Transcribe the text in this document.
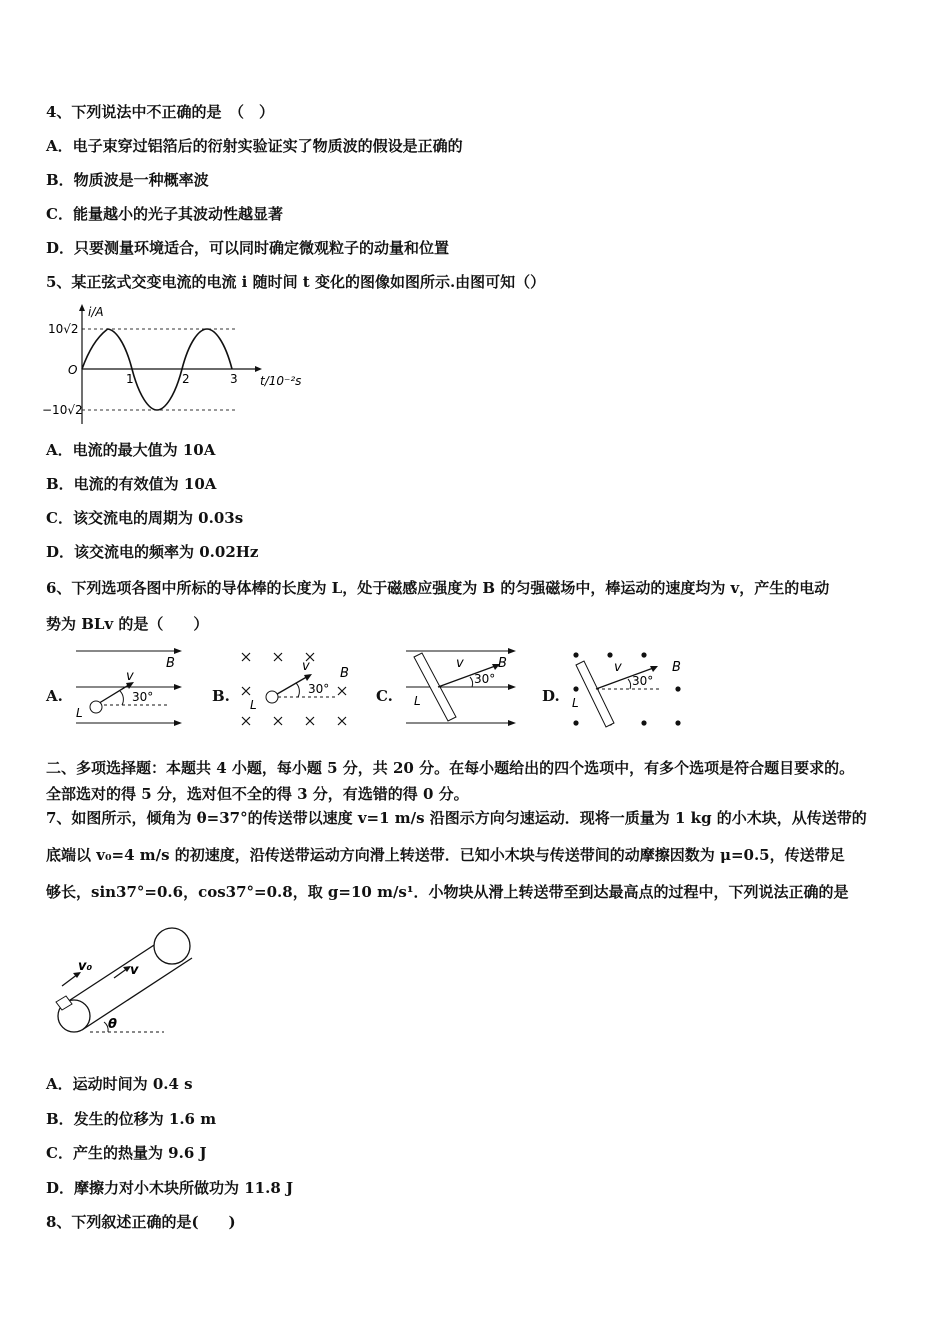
4、下列说法中不正确的是　（　）
A．电子束穿过铝箔后的衍射实验证实了物质波的假设是正确的
B．物质波是一种概率波
C．能量越小的光子其波动性越显著
D．只要测量环境适合，可以同时确定微观粒子的动量和位置
5、某正弦式交变电流的电流 i 随时间 t 变化的图像如图所示.由图可知（）
i/A
10√2
−10√2
O
1	2	3 t/10⁻²s
A．电流的最大值为 10A
B．电流的有效值为 10A
C．该交流电的周期为 0.03s
D．该交流电的频率为 0.02Hz
6、下列选项各图中所标的导体棒的长度为 L，处于磁感应强度为 B 的匀强磁场中，棒运动的速度均为 v，产生的电动
势为 BLv 的是（　　）
A.
B
v
30°
L
B.
B
v
30°
L	C.
B
v
30°
L	D.
B
v
30°
L
二、多项选择题：本题共 4 小题，每小题 5 分，共 20 分。在每小题给出的四个选项中，有多个选项是符合题目要求的。
全部选对的得 5 分，选对但不全的得 3 分，有选错的得 0 分。
7、如图所示，倾角为 θ=37°的传送带以速度 v=1 m/s 沿图示方向匀速运动．现将一质量为 1 kg 的小木块，从传送带的
底端以 v₀=4 m/s 的初速度，沿传送带运动方向滑上转送带．已知小木块与传送带间的动摩擦因数为 μ=0.5，传送带足
够长，sin37°=0.6，cos37°=0.8，取 g=10 m/s¹．小物块从滑上转送带至到达最高点的过程中，下列说法正确的是
v₀	v
θ
A．运动时间为 0.4 s
B．发生的位移为 1.6 m
C．产生的热量为 9.6 J
D．摩擦力对小木块所做功为 11.8 J
8、下列叙述正确的是(　　)
